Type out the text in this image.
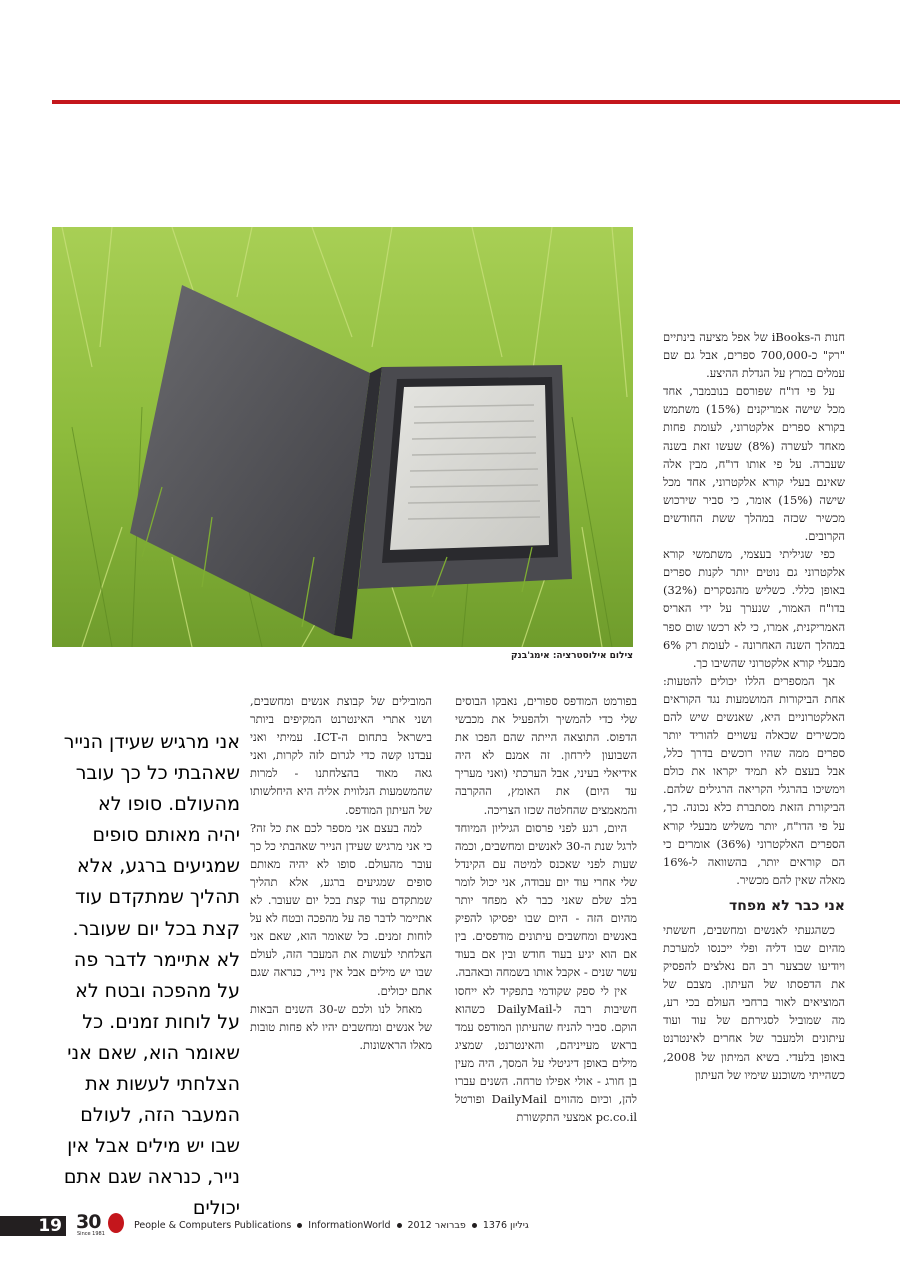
צילום אילוסטרציה: אימג'בנק

חנות ה-iBooks של אפל מציעה בינתיים "רק" כ-700,000 ספרים, אבל גם שם עמלים במרץ על הגדלת ההיצע.

על פי דו"ח שפורסם בנובמבר, אחד מכל שישה אמריקנים (15%) משתמש בקורא ספרים אלקטרוני, לעומת פחות מאחד לעשרה (8%) שעשו זאת בשנה שעברה. על פי אותו דו"ח, מבין אלה שאינם בעלי קורא אלקטרוני, אחד מכל שישה (15%) אומר, כי סביר שירכוש מכשיר שכזה במהלך ששת החודשים הקרובים.

כפי שגיליתי בעצמי, משתמשי קורא אלקטרוני גם נוטים יותר לקנות ספרים באופן כללי. כשליש מהנסקרים (32%) בדו"ח האמור, שנערך על ידי האריס האמריקנית, אמרו, כי לא רכשו שום ספר במהלך השנה האחרונה - לעומת רק 6% מבעלי קורא אלקטרוני שהשיבו כך.

אך המספרים הללו יכולים להטעות: אחת הביקורות המושמעות נגד הקוראים האלקטרוניים היא, שאנשים שיש להם מכשירים שכאלה עשויים להוריד יותר ספרים ממה שהיו רוכשים בדרך כלל, אבל בעצם לא תמיד יקראו את כולם וימשיכו בהרגלי הקריאה הרגילים שלהם. הביקורת הזאת מסתברת כלא נכונה. כך, על פי הדו"ח, יותר משליש מבעלי קורא הספרים האלקטרוני (36%) אומרים כי הם קוראים יותר, בהשוואה ל-16% מאלה שאין להם מכשיר.

אני כבר לא מפחד

כשהגעתי לאנשים ומחשבים, חששתי מהיום שבו דליה ופלי ייכנסו למערכת ויודיעו שבצער רב הם נאלצים להפסיק את הדפסתו של העיתון. מצבם של המוציאים לאור ברחבי העולם בכי רע, מה שמוביל לסגירתם של עוד ועוד עיתונים ולמעבר של אחרים לאינטרנט באופן בלעדי. בשיא המיתון של 2008, כשהייתי משוכנע שימיו של העיתון

בפורמט המודפס ספורים, נאבקו הבוסים שלי כדי להמשיך ולהפעיל את מכבשי הדפוס. התוצאה הייתה שהם הפכו את השבועון לירחון. זה אמנם לא היה אידיאלי בעיני, אבל הערכתי (ואני מעריך עד היום) את האומץ, ההקרבה והמאמצים שהחלטה שכזו הצריכה.

היום, רגע לפני פרסום הגיליון המיוחד לרגל שנת ה-30 לאנשים ומחשבים, וכמה שעות לפני שאכנס למיטה עם הקינדל שלי אחרי עוד יום עבודה, אני יכול לומר בלב שלם שאני כבר לא מפחד יותר מהיום הזה - היום שבו יפסיקו להפיק באנשים ומחשבים עיתונים מודפסים. בין אם הוא יגיע בעוד חודש ובין אם בעוד עשר שנים - אקבל אותו בשמחה ובאהבה.

אין לי ספק שקודמי בתפקיד לא ייחסו חשיבות רבה ל-DailyMail כשהוא הוקם. סביר להניח שהעיתון המודפס עמד בראש מעייניהם, והאינטרנט, שמציג מילים באופן דיגיטלי על המסך, היה מעין בן חורג - אולי אפילו טרחה. השנים עברו להן, וכיום מהווים DailyMail ופורטל pc.co.il אמצעי התקשורת

המובילים של קבוצת אנשים ומחשבים, ושני אתרי האינטרנט המקיפים ביותר בישראל בתחום ה-ICT. עמיתי ואני עבדנו קשה כדי לגרום לזה לקרות, ואני גאה מאוד בהצלחתנו - למרות שהמשמעות הנלווית אליה היא היחלשותו של העיתון המודפס.

למה בעצם אני מספר לכם את כל זה? כי אני מרגיש שעידן הנייר שאהבתי כל כך עובר מהעולם. סופו לא יהיה מאותם סופים שמגיעים ברגע, אלא תהליך שמתקדם עוד קצת בכל יום שעובר. לא אתיימר לדבר פה על מהפכה ובטח לא על לוחות זמנים. כל שאומר הוא, שאם אני הצלחתי לעשות את המעבר הזה, לעולם שבו יש מילים אבל אין נייר, כנראה שגם אתם יכולים.

מאחל לנו ולכם ש-30 השנים הבאות של אנשים ומחשבים יהיו לא פחות טובות מאלו הראשונות.

אני מרגיש שעידן הנייר שאהבתי כל כך עובר מהעולם. סופו לא יהיה מאותם סופים שמגיעים ברגע, אלא תהליך שמתקדם עוד קצת בכל יום שעובר. לא אתיימר לדבר פה על מהפכה ובטח לא על לוחות זמנים. כל שאומר הוא, שאם אני הצלחתי לעשות את המעבר הזה, לעולם שבו יש מילים אבל אין נייר, כנראה שגם אתם יכולים
19 30
Since 1981
People & Computers Publications InformationWorld פברואר 2012 גיליון 1376
